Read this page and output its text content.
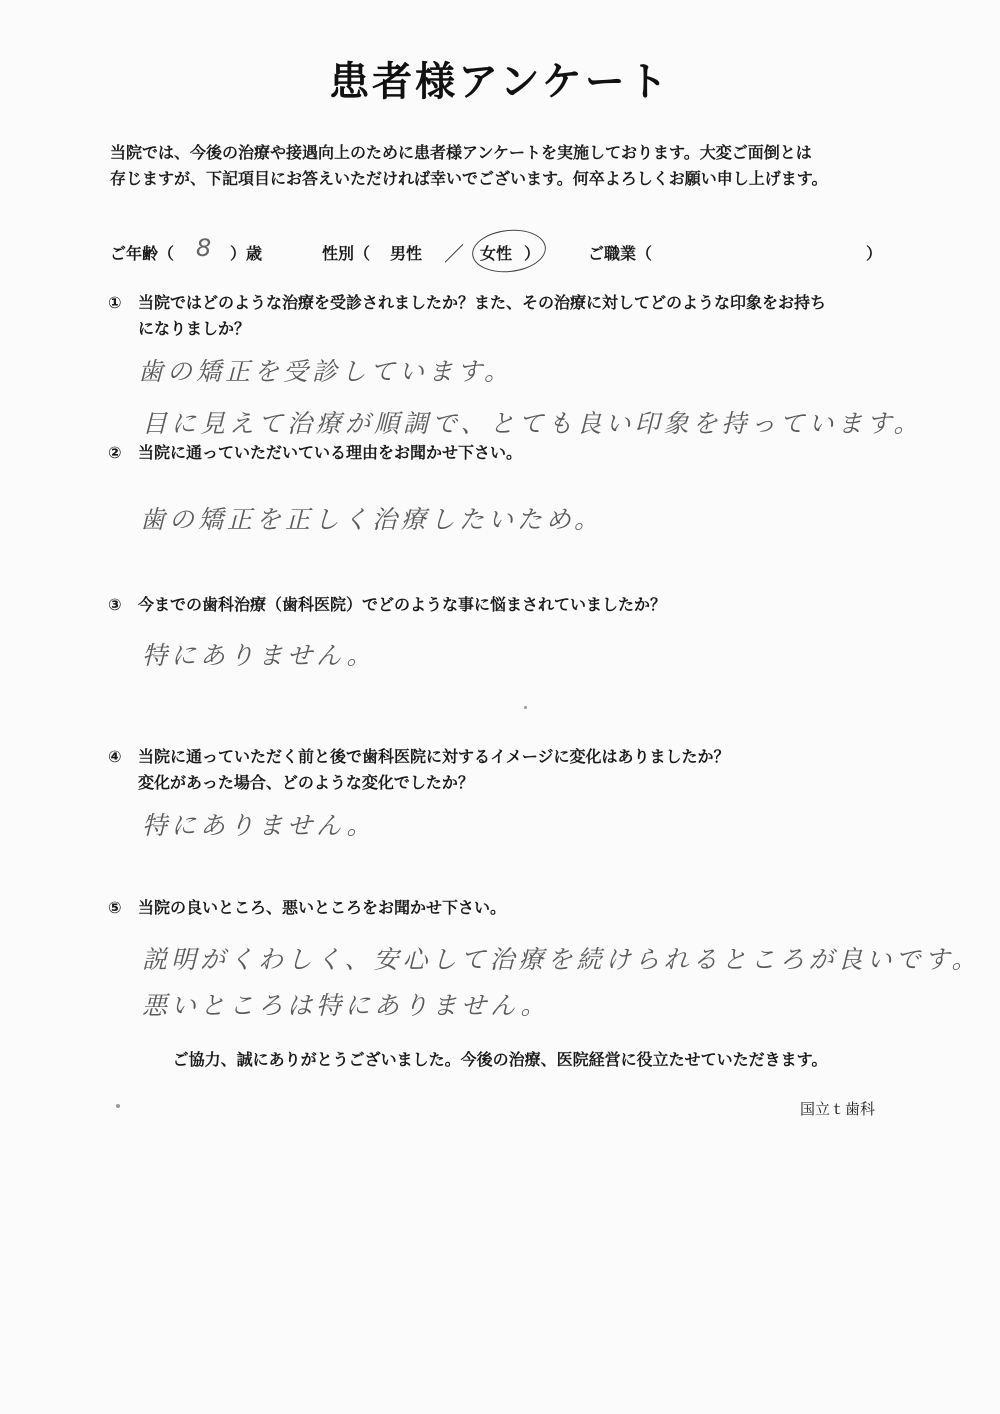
患者様アンケート
当院では、今後の治療や接遇向上のために患者様アンケートを実施しております。大変ご面倒とは
存じますが、下記項目にお答えいただければ幸いでございます。何卒よろしくお願い申し上げます。
ご年齢（ 8 ）歳	性別（ 男性 ／ 女性 ）	ご職業（	）
① 当院ではどのような治療を受診されましたか？また、その治療に対してどのような印象をお持ち
になりましか？
歯の矯正を受診しています。
目に見えて治療が順調で、とても良い印象を持っています。
② 当院に通っていただいている理由をお聞かせ下さい。
歯の矯正を正しく治療したいため。
③ 今までの歯科治療（歯科医院）でどのような事に悩まされていましたか？
特にありません。
④ 当院に通っていただく前と後で歯科医院に対するイメージに変化はありましたか？
変化があった場合、どのような変化でしたか？
特にありません。
⑤ 当院の良いところ、悪いところをお聞かせ下さい。
説明がくわしく、安心して治療を続けられるところが良いです。
悪いところは特にありません。
ご協力、誠にありがとうございました。今後の治療、医院経営に役立たせていただきます。
国立ｔ歯科
